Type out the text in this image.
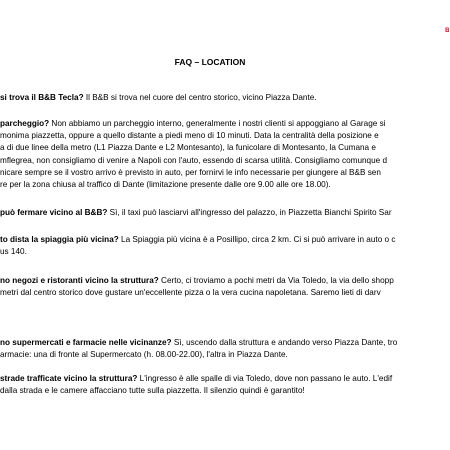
B
FAQ – LOCATION
si trova il B&B Tecla? Il B&B si trova nel cuore del centro storico, vicino Piazza Dante.
parcheggio? Non abbiamo un parcheggio interno, generalmente i nostri clienti si appoggiano al Garage si
monima piazzetta, oppure a quello distante a piedi meno di 10 minuti. Data la centralità della posizione e
a di due linee della metro (L1 Piazza Dante e L2 Montesanto), la funicolare di Montesanto, la Cumana e
mflegrea, non consigliamo di venire a Napoli con l'auto, essendo di scarsa utilità. Consigliamo comunque d
nicare sempre se il vostro arrivo è previsto in auto, per fornirvi le info necessarie per giungere al B&B sen
re per la zona chiusa al traffico di Dante (limitazione presente dalle ore 9.00 alle ore 18.00).
può fermare vicino al B&B? Sì, il taxi può lasciarvi all'ingresso del palazzo, in Piazzetta Bianchi Spirito Sar
to dista la spiaggia più vicina? La Spiaggia più vicina è a Posillipo, circa 2 km. Ci si può arrivare in auto o c
us 140.
no negozi e ristoranti vicino la struttura? Certo, ci troviamo a pochi metri da Via Toledo, la via dello shopp
metri dal centro storico dove gustare un'eccellente pizza o la vera cucina napoletana. Saremo lieti di darv
no supermercati e farmacie nelle vicinanze? Sì, uscendo dalla struttura e andando verso Piazza Dante, tro
armacie: una di fronte al Supermercato (h. 08.00-22.00), l'altra in Piazza Dante.
strade trafficate vicino la struttura? L'ingresso è alle spalle di via Toledo, dove non passano le auto. L'edif
dalla strada e le camere affacciano tutte sulla piazzetta. Il silenzio quindi è garantito!
